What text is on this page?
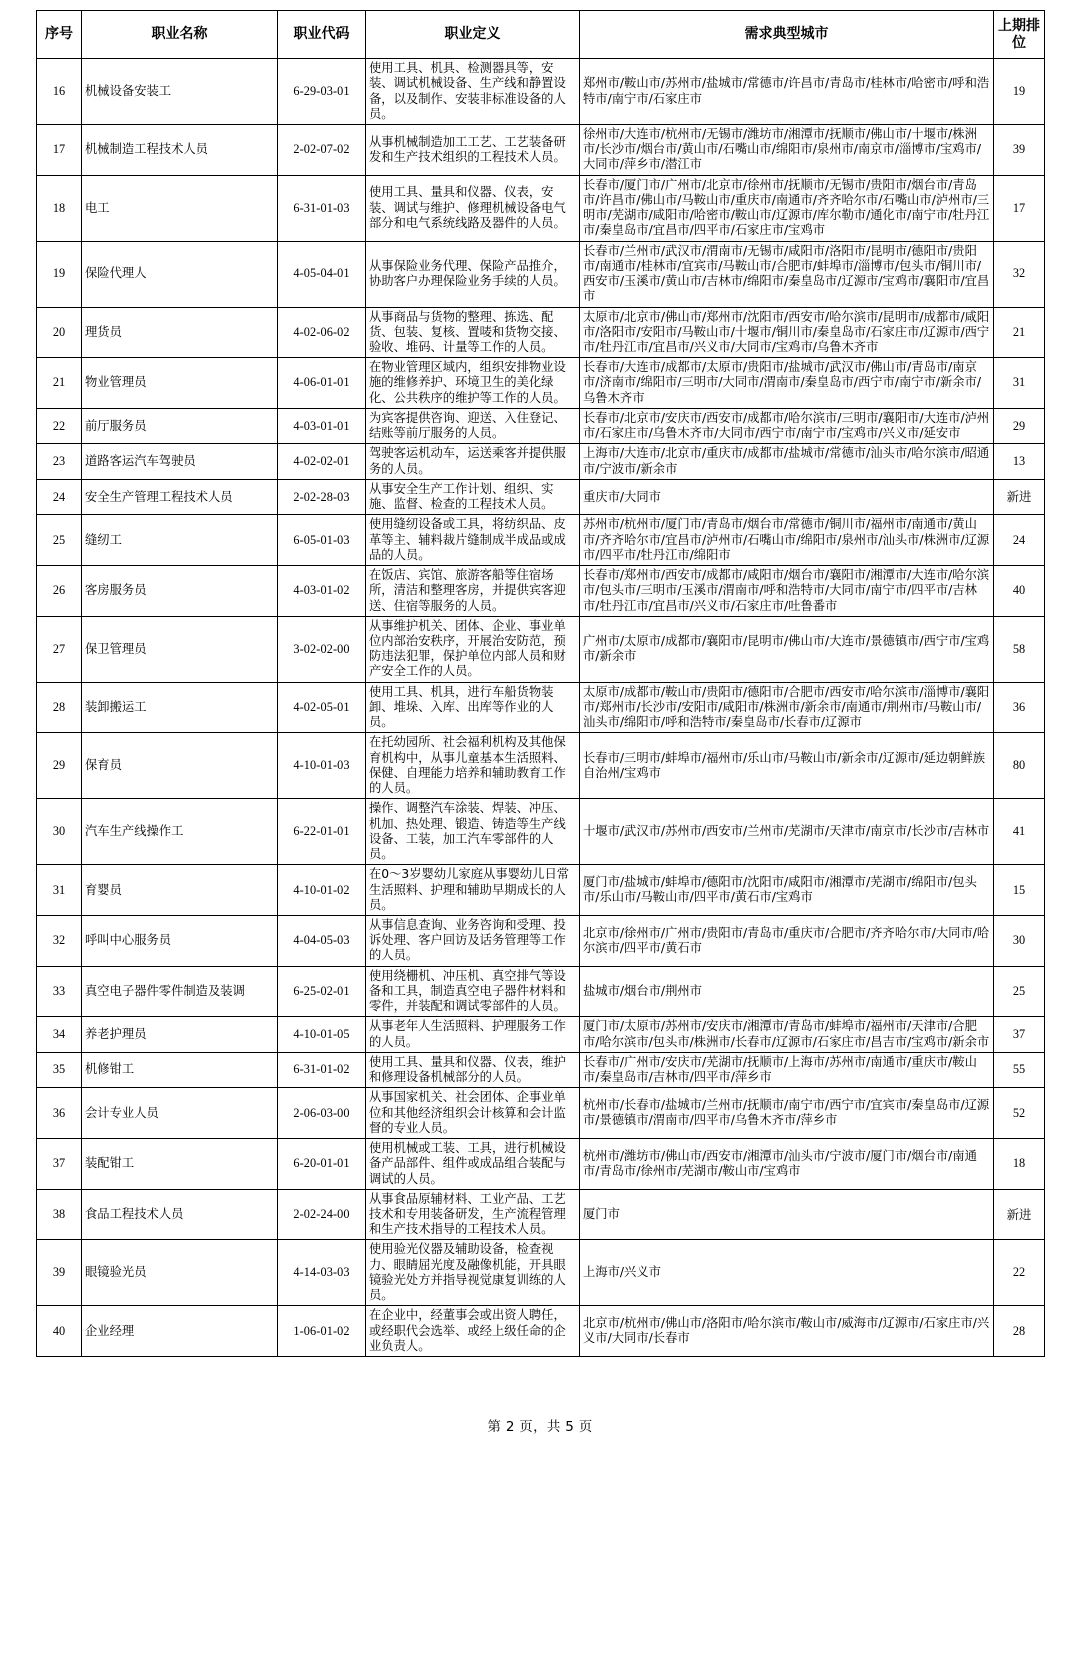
序号	职业名称	职业代码	职业定义	需求典型城市	上期排位
16	机械设备安装工	6-29-03-01	使用工具、机具、检测器具等，安装、调试机械设备、生产线和静置设备，以及制作、安装非标准设备的人员。	郑州市/鞍山市/苏州市/盐城市/常德市/许昌市/青岛市/桂林市/哈密市/呼和浩特市/南宁市/石家庄市	19
17	机械制造工程技术人员	2-02-07-02	从事机械制造加工工艺、工艺装备研发和生产技术组织的工程技术人员。	徐州市/大连市/杭州市/无锡市/潍坊市/湘潭市/抚顺市/佛山市/十堰市/株洲市/长沙市/烟台市/黄山市/石嘴山市/绵阳市/泉州市/南京市/淄博市/宝鸡市/大同市/萍乡市/潜江市	39
18	电工	6-31-01-03	使用工具、量具和仪器、仪表，安装、调试与维护、修理机械设备电气部分和电气系统线路及器件的人员。	长春市/厦门市/广州市/北京市/徐州市/抚顺市/无锡市/贵阳市/烟台市/青岛市/许昌市/佛山市/马鞍山市/重庆市/南通市/齐齐哈尔市/石嘴山市/泸州市/三明市/芜湖市/咸阳市/哈密市/鞍山市/辽源市/库尔勒市/通化市/南宁市/牡丹江市/秦皇岛市/宜昌市/四平市/石家庄市/宝鸡市	17
19	保险代理人	4-05-04-01	从事保险业务代理、保险产品推介，协助客户办理保险业务手续的人员。	长春市/兰州市/武汉市/渭南市/无锡市/咸阳市/洛阳市/昆明市/德阳市/贵阳市/南通市/桂林市/宜宾市/马鞍山市/合肥市/蚌埠市/淄博市/包头市/铜川市/西安市/玉溪市/黄山市/吉林市/绵阳市/秦皇岛市/辽源市/宝鸡市/襄阳市/宜昌市	32
20	理货员	4-02-06-02	从事商品与货物的整理、拣选、配货、包装、复核、置唛和货物交接、验收、堆码、计量等工作的人员。	太原市/北京市/佛山市/郑州市/沈阳市/西安市/哈尔滨市/昆明市/成都市/咸阳市/洛阳市/安阳市/马鞍山市/十堰市/铜川市/秦皇岛市/石家庄市/辽源市/西宁市/牡丹江市/宜昌市/兴义市/大同市/宝鸡市/乌鲁木齐市	21
21	物业管理员	4-06-01-01	在物业管理区域内，组织安排物业设施的维修养护、环境卫生的美化绿化、公共秩序的维护等工作的人员。	长春市/大连市/成都市/太原市/贵阳市/盐城市/武汉市/佛山市/青岛市/南京市/济南市/绵阳市/三明市/大同市/渭南市/秦皇岛市/西宁市/南宁市/新余市/乌鲁木齐市	31
22	前厅服务员	4-03-01-01	为宾客提供咨询、迎送、入住登记、结账等前厅服务的人员。	长春市/北京市/安庆市/西安市/成都市/哈尔滨市/三明市/襄阳市/大连市/泸州市/石家庄市/乌鲁木齐市/大同市/西宁市/南宁市/宝鸡市/兴义市/延安市	29
23	道路客运汽车驾驶员	4-02-02-01	驾驶客运机动车，运送乘客并提供服务的人员。	上海市/大连市/北京市/重庆市/成都市/盐城市/常德市/汕头市/哈尔滨市/昭通市/宁波市/新余市	13
24	安全生产管理工程技术人员	2-02-28-03	从事安全生产工作计划、组织、实施、监督、检查的工程技术人员。	重庆市/大同市	新进
25	缝纫工	6-05-01-03	使用缝纫设备或工具，将纺织品、皮革等主、辅料裁片缝制成半成品或成品的人员。	苏州市/杭州市/厦门市/青岛市/烟台市/常德市/铜川市/福州市/南通市/黄山市/齐齐哈尔市/宜昌市/泸州市/石嘴山市/绵阳市/泉州市/汕头市/株洲市/辽源市/四平市/牡丹江市/绵阳市	24
26	客房服务员	4-03-01-02	在饭店、宾馆、旅游客船等住宿场所，清洁和整理客房，并提供宾客迎送、住宿等服务的人员。	长春市/郑州市/西安市/成都市/咸阳市/烟台市/襄阳市/湘潭市/大连市/哈尔滨市/包头市/三明市/玉溪市/渭南市/呼和浩特市/大同市/南宁市/四平市/吉林市/牡丹江市/宜昌市/兴义市/石家庄市/吐鲁番市	40
27	保卫管理员	3-02-02-00	从事维护机关、团体、企业、事业单位内部治安秩序，开展治安防范，预防违法犯罪，保护单位内部人员和财产安全工作的人员。	广州市/太原市/成都市/襄阳市/昆明市/佛山市/大连市/景德镇市/西宁市/宝鸡市/新余市	58
28	装卸搬运工	4-02-05-01	使用工具、机具，进行车船货物装卸、堆垛、入库、出库等作业的人员。	太原市/成都市/鞍山市/贵阳市/德阳市/合肥市/西安市/哈尔滨市/淄博市/襄阳市/郑州市/长沙市/安阳市/咸阳市/株洲市/新余市/南通市/荆州市/马鞍山市/汕头市/绵阳市/呼和浩特市/秦皇岛市/长春市/辽源市	36
29	保育员	4-10-01-03	在托幼园所、社会福利机构及其他保育机构中，从事儿童基本生活照料、保健、自理能力培养和辅助教育工作的人员。	长春市/三明市/蚌埠市/福州市/乐山市/马鞍山市/新余市/辽源市/延边朝鲜族自治州/宝鸡市	80
30	汽车生产线操作工	6-22-01-01	操作、调整汽车涂装、焊装、冲压、机加、热处理、锻造、铸造等生产线设备、工装，加工汽车零部件的人员。	十堰市/武汉市/苏州市/西安市/兰州市/芜湖市/天津市/南京市/长沙市/吉林市	41
31	育婴员	4-10-01-02	在0～3岁婴幼儿家庭从事婴幼儿日常生活照料、护理和辅助早期成长的人员。	厦门市/盐城市/蚌埠市/德阳市/沈阳市/咸阳市/湘潭市/芜湖市/绵阳市/包头市/乐山市/马鞍山市/四平市/黄石市/宝鸡市	15
32	呼叫中心服务员	4-04-05-03	从事信息查询、业务咨询和受理、投诉处理、客户回访及话务管理等工作的人员。	北京市/徐州市/广州市/贵阳市/青岛市/重庆市/合肥市/齐齐哈尔市/大同市/哈尔滨市/四平市/黄石市	30
33	真空电子器件零件制造及装调	6-25-02-01	使用绕栅机、冲压机、真空排气等设备和工具，制造真空电子器件材料和零件，并装配和调试零部件的人员。	盐城市/烟台市/荆州市	25
34	养老护理员	4-10-01-05	从事老年人生活照料、护理服务工作的人员。	厦门市/太原市/苏州市/安庆市/湘潭市/青岛市/蚌埠市/福州市/天津市/合肥市/哈尔滨市/包头市/株洲市/长春市/辽源市/石家庄市/昌吉市/宝鸡市/新余市	37
35	机修钳工	6-31-01-02	使用工具、量具和仪器、仪表，维护和修理设备机械部分的人员。	长春市/广州市/安庆市/芜湖市/抚顺市/上海市/苏州市/南通市/重庆市/鞍山市/秦皇岛市/吉林市/四平市/萍乡市	55
36	会计专业人员	2-06-03-00	从事国家机关、社会团体、企事业单位和其他经济组织会计核算和会计监督的专业人员。	杭州市/长春市/盐城市/兰州市/抚顺市/南宁市/西宁市/宜宾市/秦皇岛市/辽源市/景德镇市/渭南市/四平市/乌鲁木齐市/萍乡市	52
37	装配钳工	6-20-01-01	使用机械或工装、工具，进行机械设备产品部件、组件或成品组合装配与调试的人员。	杭州市/潍坊市/佛山市/西安市/湘潭市/汕头市/宁波市/厦门市/烟台市/南通市/青岛市/徐州市/芜湖市/鞍山市/宝鸡市	18
38	食品工程技术人员	2-02-24-00	从事食品原辅材料、工业产品、工艺技术和专用装备研发，生产流程管理和生产技术指导的工程技术人员。	厦门市	新进
39	眼镜验光员	4-14-03-03	使用验光仪器及辅助设备，检查视力、眼睛屈光度及融像机能，开具眼镜验光处方并指导视觉康复训练的人员。	上海市/兴义市	22
40	企业经理	1-06-01-02	在企业中，经董事会或出资人聘任，或经职代会选举、或经上级任命的企业负责人。	北京市/杭州市/佛山市/洛阳市/哈尔滨市/鞍山市/威海市/辽源市/石家庄市/兴义市/大同市/长春市	28
第 2 页，共 5 页
